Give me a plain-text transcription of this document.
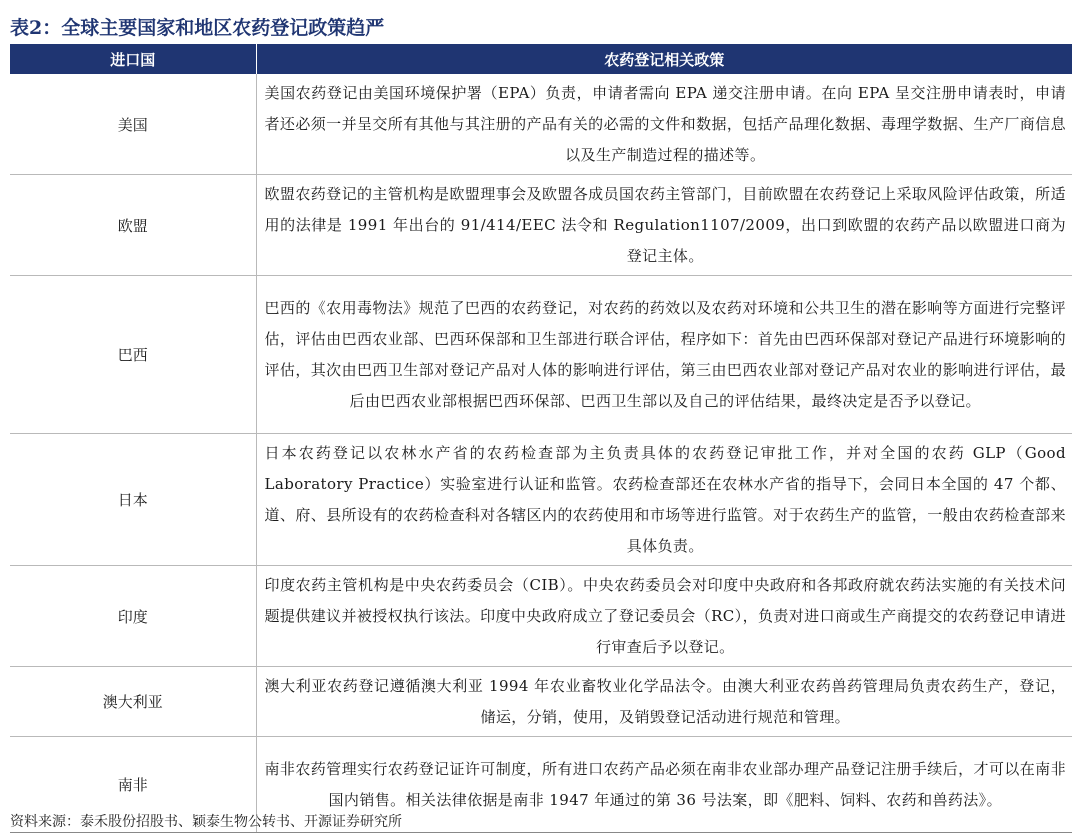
表2：全球主要国家和地区农药登记政策趋严
进口国	农药登记相关政策
美国	美国农药登记由美国环境保护署（EPA）负责，申请者需向 EPA 递交注册申请。在向 EPA 呈交注册申请表时，申请者还必须一并呈交所有其他与其注册的产品有关的必需的文件和数据，包括产品理化数据、毒理学数据、生产厂商信息以及生产制造过程的描述等。
欧盟	欧盟农药登记的主管机构是欧盟理事会及欧盟各成员国农药主管部门，目前欧盟在农药登记上采取风险评估政策，所适用的法律是 1991 年出台的 91/414/EEC 法令和 Regulation1107/2009，出口到欧盟的农药产品以欧盟进口商为登记主体。
巴西	巴西的《农用毒物法》规范了巴西的农药登记，对农药的药效以及农药对环境和公共卫生的潜在影响等方面进行完整评估，评估由巴西农业部、巴西环保部和卫生部进行联合评估，程序如下：首先由巴西环保部对登记产品进行环境影响的评估，其次由巴西卫生部对登记产品对人体的影响进行评估，第三由巴西农业部对登记产品对农业的影响进行评估，最后由巴西农业部根据巴西环保部、巴西卫生部以及自己的评估结果，最终决定是否予以登记。
日本	日本农药登记以农林水产省的农药检查部为主负责具体的农药登记审批工作，并对全国的农药 GLP（Good Laboratory Practice）实验室进行认证和监管。农药检查部还在农林水产省的指导下，会同日本全国的 47 个都、道、府、县所设有的农药检查科对各辖区内的农药使用和市场等进行监管。对于农药生产的监管，一般由农药检查部来具体负责。
印度	印度农药主管机构是中央农药委员会（CIB）。中央农药委员会对印度中央政府和各邦政府就农药法实施的有关技术问题提供建议并被授权执行该法。印度中央政府成立了登记委员会（RC），负责对进口商或生产商提交的农药登记申请进行审查后予以登记。
澳大利亚	澳大利亚农药登记遵循澳大利亚 1994 年农业畜牧业化学品法令。由澳大利亚农药兽药管理局负责农药生产，登记，储运，分销，使用，及销毁登记活动进行规范和管理。
南非	南非农药管理实行农药登记证许可制度，所有进口农药产品必须在南非农业部办理产品登记注册手续后，才可以在南非国内销售。相关法律依据是南非 1947 年通过的第 36 号法案，即《肥料、饲料、农药和兽药法》。
资料来源：泰禾股份招股书、颖泰生物公转书、开源证券研究所
